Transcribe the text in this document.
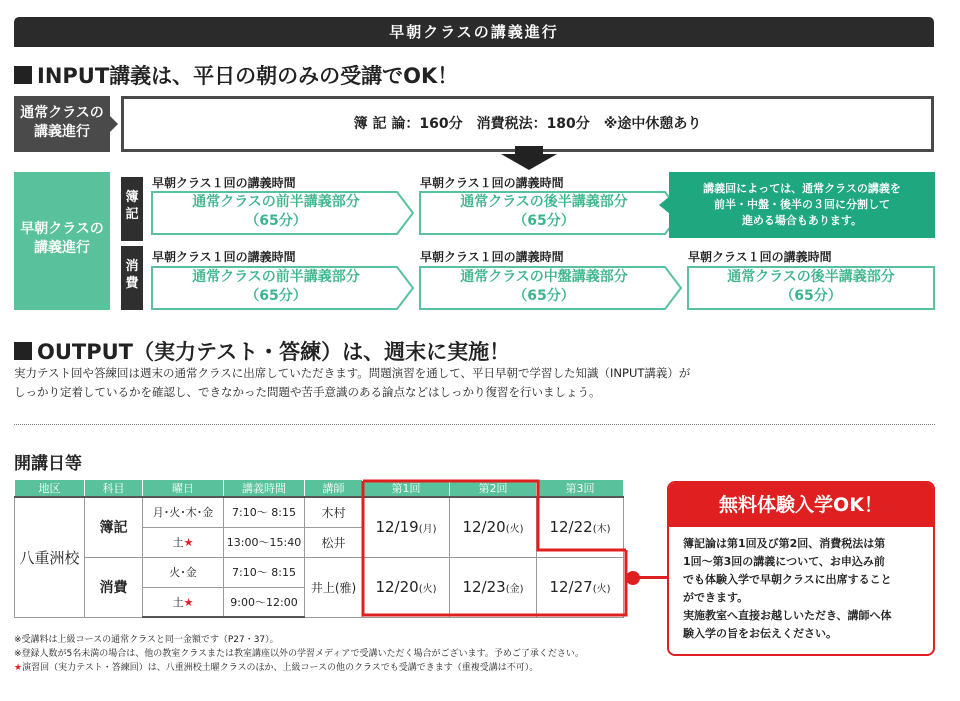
早朝クラスの講義進行
INPUT講義は、平日の朝のみの受講でOK！
通常クラスの
講義進行	簿 記 論：160分　消費税法：180分　※途中休憩あり
早朝クラスの
講義進行
簿
記
早朝クラス１回の講義時間	早朝クラス１回の講義時間
通常クラスの前半講義部分
（65分）
通常クラスの後半講義部分
（65分）
講義回によっては、通常クラスの講義を
前半・中盤・後半の３回に分割して
進める場合もあります。
消
費
早朝クラス１回の講義時間	早朝クラス１回の講義時間	早朝クラス１回の講義時間
通常クラスの前半講義部分
（65分）
通常クラスの中盤講義部分
（65分）
通常クラスの後半講義部分
（65分）
OUTPUT（実力テスト・答練）は、週末に実施！
実力テスト回や答練回は週末の通常クラスに出席していただきます。問題演習を通して、平日早朝で学習した知識（INPUT講義）が
しっかり定着しているかを確認し、できなかった問題や苦手意識のある論点などはしっかり復習を行いましょう。
開講日等
地区	科目	曜日	講義時間	講師	第1回	第2回	第3回
八重洲校	簿記	月･火･木･金	7:10〜 8:15	木村	12/19(月)	12/20(火)	12/22(木)
		土★	13:00〜15:40	松井			
	消費	火･金	7:10〜 8:15	井上(雅)	12/20(火)	12/23(金)	12/27(火)
		土★	9:00〜12:00				
無料体験入学OK！
簿記論は第1回及び第2回、消費税法は第
1回〜第3回の講義について、お申込み前
でも体験入学で早朝クラスに出席すること
ができます。
実施教室へ直接お越しいただき、講師へ体
験入学の旨をお伝えください。
※受講料は上級コースの通常クラスと同一金額です（P27・37）。
※登録人数が5名未満の場合は、他の教室クラスまたは教室講座以外の学習メディアで受講いただく場合がございます。予めご了承ください。
★演習回（実力テスト・答練回）は、八重洲校土曜クラスのほか、上級コースの他のクラスでも受講できます（重複受講は不可）。
